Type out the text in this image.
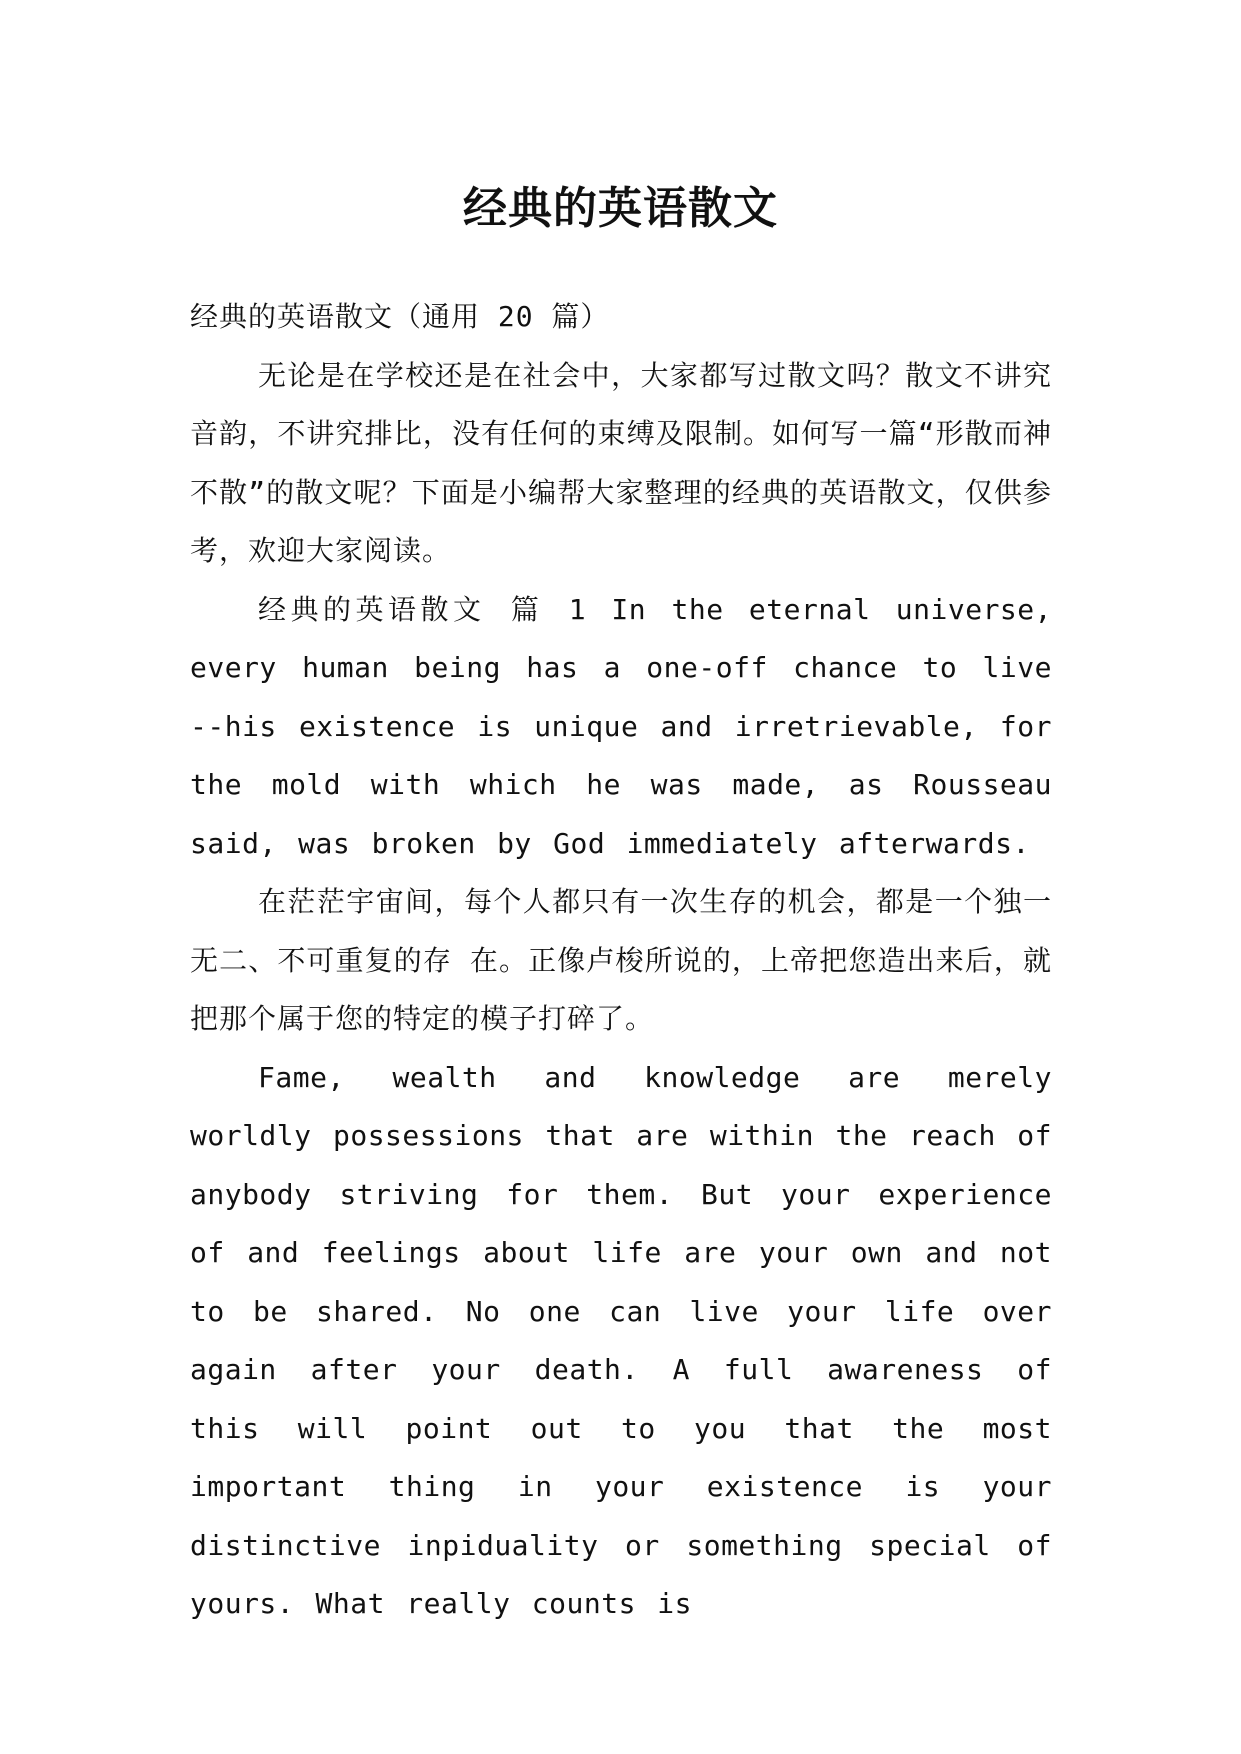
经典的英语散文

经典的英语散文（通用 20 篇）

无论是在学校还是在社会中，大家都写过散文吗？散文不讲究音韵，不讲究排比，没有任何的束缚及限制。如何写一篇“形散而神不散”的散文呢？下面是小编帮大家整理的经典的英语散文，仅供参考，欢迎大家阅读。

经典的英语散文 篇 1 In the eternal universe, every human being has a one-off chance to live --his existence is unique and irretrievable, for the mold with which he was made, as Rousseau said, was broken by God immediately afterwards.

在茫茫宇宙间，每个人都只有一次生存的机会，都是一个独一无二、不可重复的存 在。正像卢梭所说的，上帝把您造出来后，就把那个属于您的特定的模子打碎了。

Fame, wealth and knowledge are merely worldly possessions that are within the reach of anybody striving for them. But your experience of and feelings about life are your own and not to be shared. No one can live your life over again after your death. A full awareness of this will point out to you that the most important thing in your existence is your distinctive inpiduality or something special of yours. What really counts is
